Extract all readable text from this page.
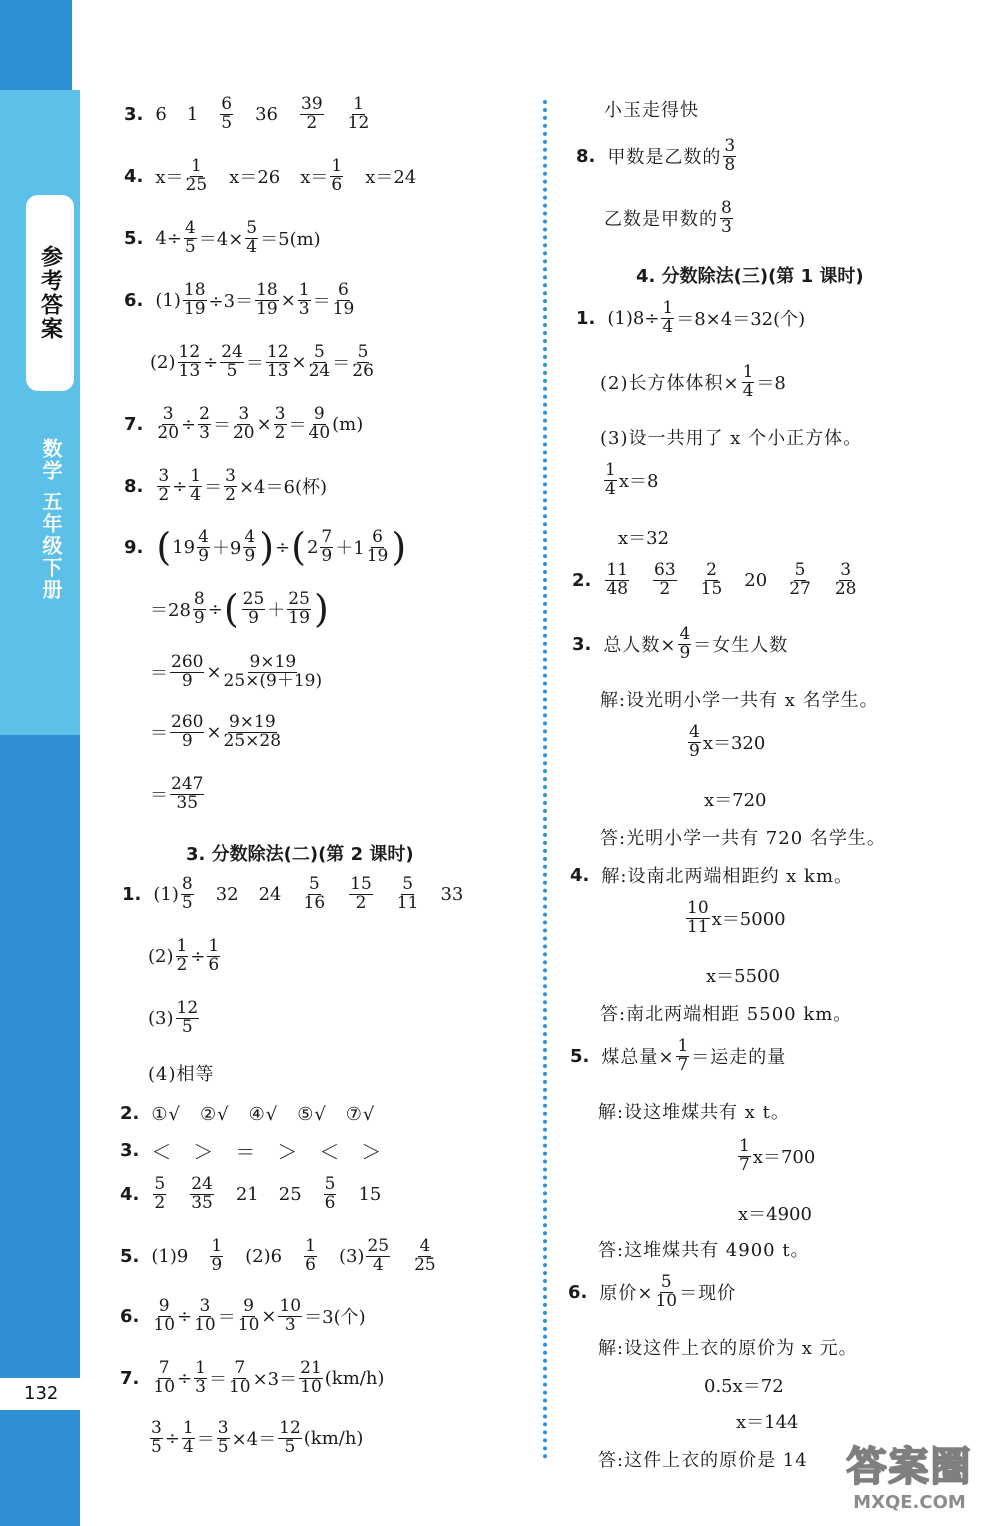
参考答案
数学 五年级下册
132
3. 6 1 6
5 36 39
2
1
12
4. x＝
1
25 x＝26 x＝
1
6 x＝24
5. $4\div \frac{4}{5} =4\times \frac{5}{4} =5(m)$
6. $(1) \frac{18}{19} \div 3= \frac{18}{19} \times \frac{1}{3}$ ＝
6
19
$(2) \frac{12}{13} \div \frac{24}{5} = \frac{12}{13} \times \frac{5}{24}$ ＝
5
26
7. $\frac{3}{20} \div \frac{2}{3} = \frac{3}{20} \times \frac{3}{2}$ ＝
9
40 (m)
8. $\frac{3}{2} \div \frac{1}{4} = \frac{3}{2} \times 4=6$(杯)
9. ( 19 4
9 ＋9
4
9 ) ÷ ( 2 7
9 ＋1
6
19 )
$=28 \frac{8}{9}$ ÷ ( 25
9 ＋
25
19 )
＝ $\frac{260}{9} \times \frac{9\times 19}{25\times(9+19)}$
＝ $\frac{260}{9} \times \frac{9\times 19}{25\times 28}$
＝
247
35
3. 分数除法(二)(第 2 课时)
1. (1) 8
5 32 24 5
16
15
2
5
11 33
$(2) \frac{1}{2} \div \frac{1}{6}$
(3) 12
5
(4)相等
2. ①√　②√　④√　⑤√　⑦√
3. ＜　＞　＝　＞　＜　＞
4. 5
2
24
35 21 25 5
6 15
5. (1)9 1
9 (2)6 1
6 (3) 25
4
4
25
6. $\frac{9}{10} \div \frac{3}{10} = \frac{9}{10} \times \frac{10}{3} =3$(个)
7. $\frac{7}{10} \div \frac{1}{3} = \frac{7}{10} \times 3=$
21
10 (km/h)
$\frac{3}{5} \div \frac{1}{4} = \frac{3}{5} \times 4=$
12
5 (km/h)
小玉走得快
8. 甲数是乙数的
3
8
乙数是甲数的
8
3
4. 分数除法(三)(第 1 课时)
1. $(1)8\div \frac{1}{4} =8\times 4=32$(个)
(2)长方体体积× $\frac{1}{4} =8$
(3)设一共用了 x 个小正方体。
1
4 x＝8
x＝32
2. 11
48
63
2
2
15 20 5
27
3
28
3. 总人数× $\frac{4}{9}$ ＝女生人数
解:设光明小学一共有 x 名学生。
4
9 x＝320
x＝720
答:光明小学一共有 720 名学生。
4. 解:设南北两端相距约 x km。
10
11 x＝5000
x＝5500
答:南北两端相距 5500 km。
5. 煤总量× $\frac{1}{7}$ ＝运走的量
解:设这堆煤共有 x t。
1
7 x＝700
x＝4900
答:这堆煤共有 4900 t。
6. 原价× $\frac{5}{10}$ ＝现价
解:设这件上衣的原价为 x 元。
0.5x＝72
x＝144
答:这件上衣的原价是 14 答案圈
MXQE.COM
